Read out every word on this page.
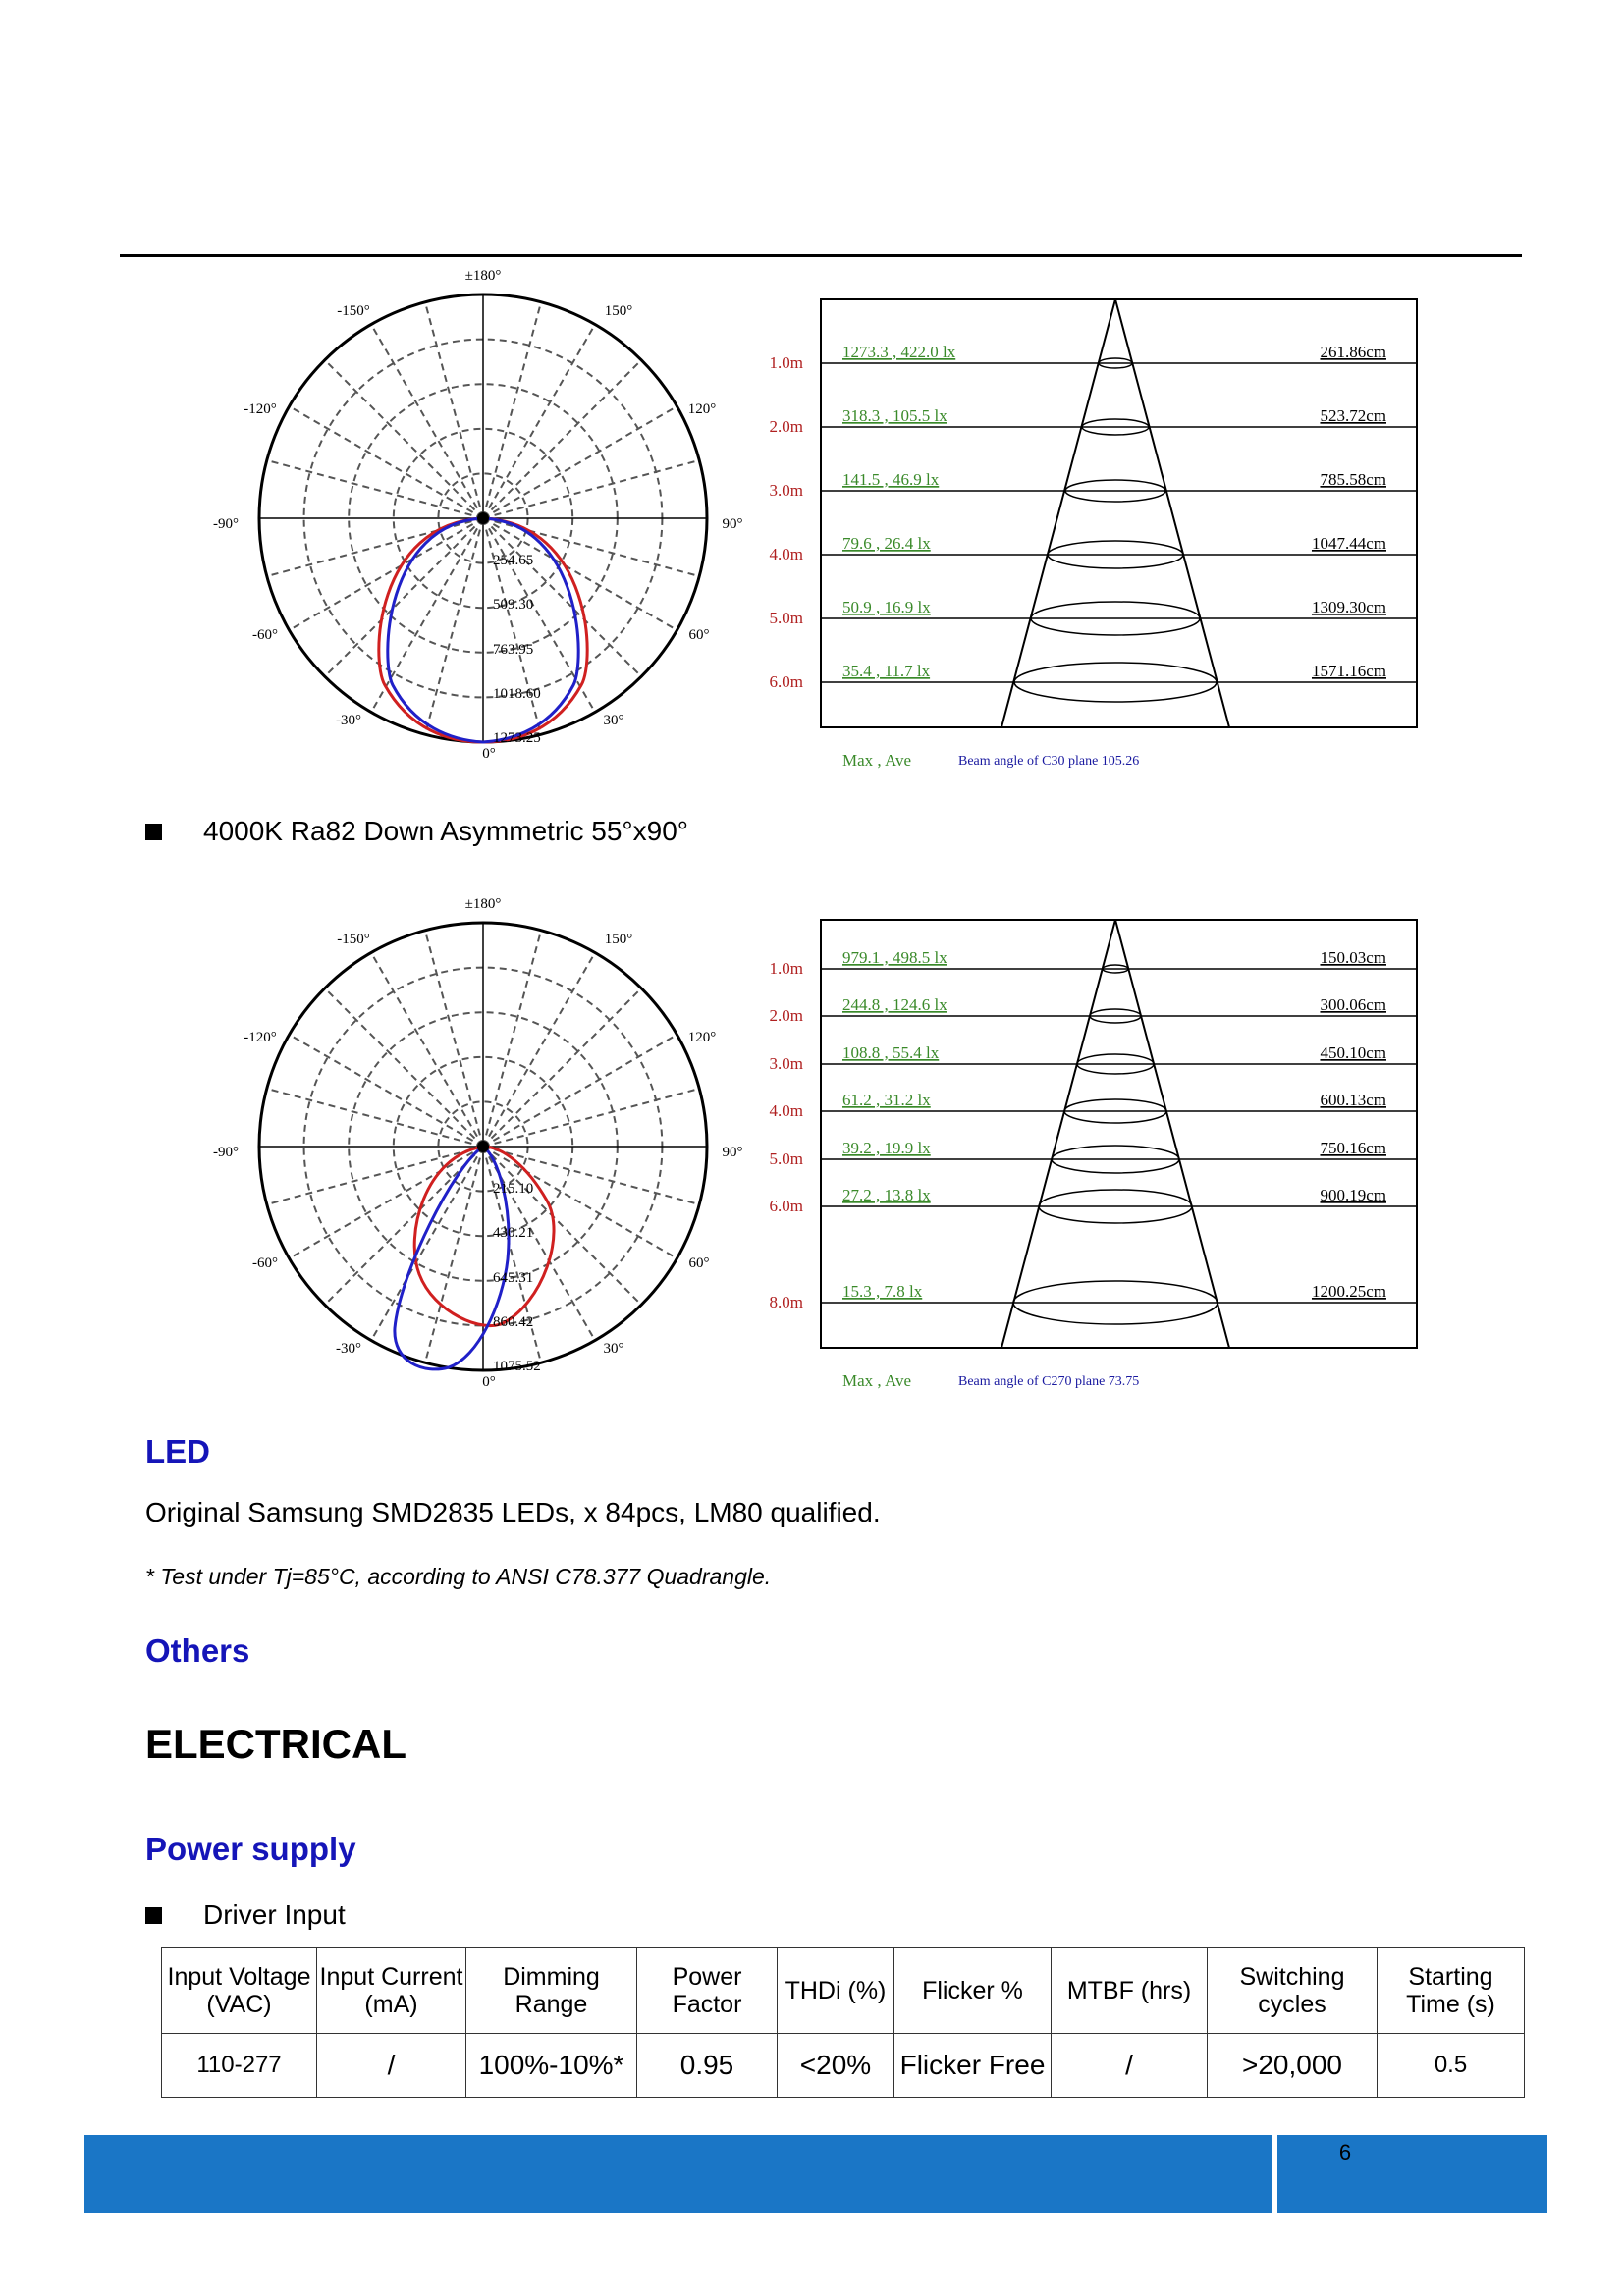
±180°
-150°	150°
-120°	120°
-90°	90°
-60°	60°
-30°	30°
0°
254.65
509.30
763.95
1018.60
1273.25
1.0m
2.0m
3.0m
4.0m
5.0m
6.0m
1273.3 , 422.0 lx
318.3 , 105.5 lx
141.5 , 46.9 lx
79.6 , 26.4 lx
50.9 , 16.9 lx
35.4 , 11.7 lx
261.86cm
523.72cm
785.58cm
1047.44cm
1309.30cm
1571.16cm
Max , Ave	Beam angle of C30 plane 105.26
4000K Ra82 Down Asymmetric 55°x90°
±180°
-150°	150°
-120°	120°
-90°	90°
-60°	60°
-30°	30°
0°
215.10
430.21
645.31
860.42
1075.52
1.0m
2.0m
3.0m
4.0m
5.0m
6.0m
8.0m
979.1 , 498.5 lx
244.8 , 124.6 lx
108.8 , 55.4 lx
61.2 , 31.2 lx
39.2 , 19.9 lx
27.2 , 13.8 lx
15.3 , 7.8 lx
150.03cm
300.06cm
450.10cm
600.13cm
750.16cm
900.19cm
1200.25cm
Max , Ave	Beam angle of C270 plane 73.75
LED
Original Samsung SMD2835 LEDs, x 84pcs, LM80 qualified.
* Test under Tj=85°C, according to ANSI C78.377 Quadrangle.
Others
ELECTRICAL
Power supply
Driver Input
Input Voltage (VAC)	Input Current (mA)	Dimming Range	Power Factor	THDi (%)	Flicker %	MTBF (hrs)	Switching cycles	Starting Time (s)
110-277	/	100%-10%*	0.95	<20%	Flicker Free	/	>20,000	0.5
6
